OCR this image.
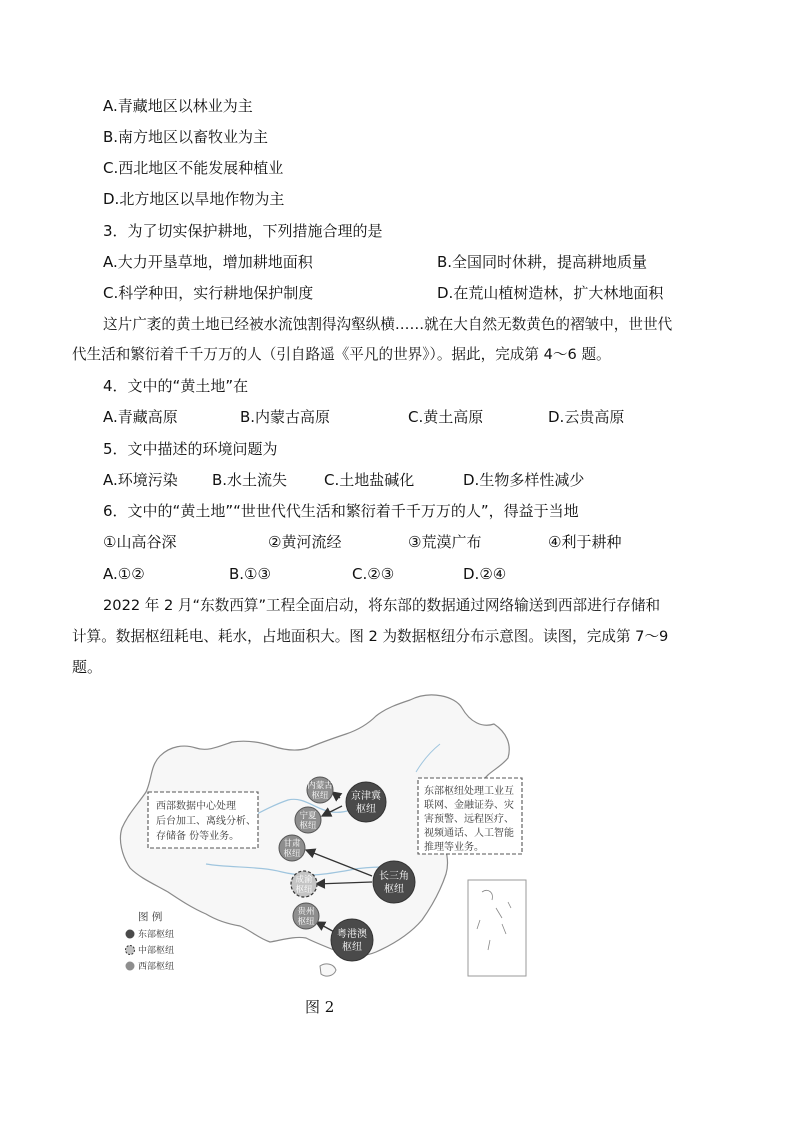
A.青藏地区以林业为主
B.南方地区以畜牧业为主
C.西北地区不能发展种植业
D.北方地区以旱地作物为主
3．为了切实保护耕地，下列措施合理的是
A.大力开垦草地，增加耕地面积	B.全国同时休耕，提高耕地质量
C.科学种田，实行耕地保护制度	D.在荒山植树造林，扩大林地面积
这片广袤的黄土地已经被水流蚀割得沟壑纵横……就在大自然无数黄色的褶皱中，世世代
代生活和繁衍着千千万万的人（引自路遥《平凡的世界》）。据此，完成第 4～6 题。
4．文中的“黄土地”在
A.青藏高原	B.内蒙古高原	C.黄土高原	D.云贵高原
5．文中描述的环境问题为
A.环境污染 B.水土流失 C.土地盐碱化	D.生物多样性减少
6．文中的“黄土地”“世世代代生活和繁衍着千千万万的人”，得益于当地
①山高谷深	②黄河流经	③荒漠广布	④利于耕种
A.①②	B.①③	C.②③	D.②④
2022 年 2 月“东数西算”工程全面启动，将东部的数据通过网络输送到西部进行存储和
计算。数据枢纽耗电、耗水，占地面积大。图 2 为数据枢纽分布示意图。读图，完成第 7～9
题。
西部数据中心处理
后台加工、离线分析、
存储备 份等业务。
东部枢纽处理工业互
联网、金融证券、灾
害预警、远程医疗、
视频通话、人工智能
推理等业务。
内蒙古
枢纽 京津冀
枢纽
宁夏
枢纽
甘肃
枢纽
长三角
枢纽
成渝
枢纽
贵州
枢纽
粤港澳
枢纽
图 例
东部枢纽
中部枢纽
西部枢纽
图 2
